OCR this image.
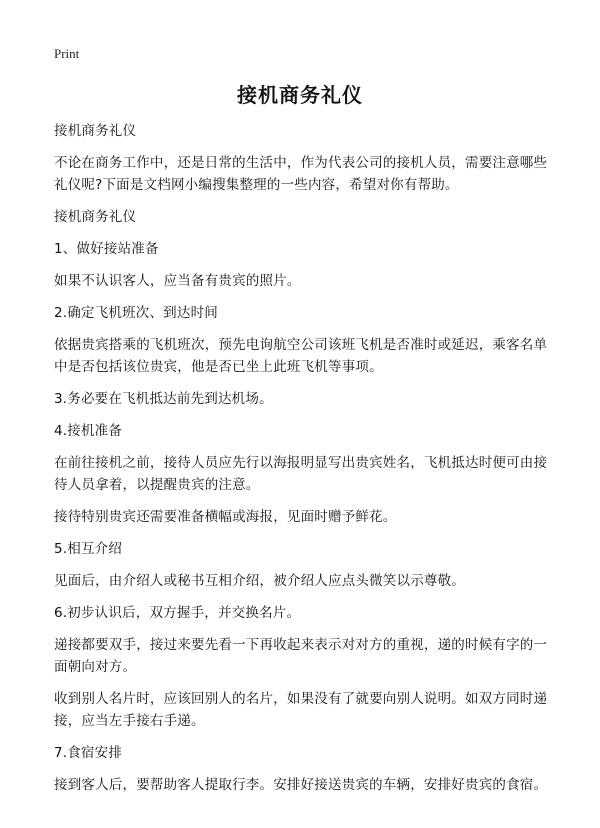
Print
接机商务礼仪

接机商务礼仪

不论在商务工作中，还是日常的生活中，作为代表公司的接机人员，需要注意哪些礼仪呢?下面是文档网小编搜集整理的一些内容，希望对你有帮助。

接机商务礼仪

1、做好接站准备

如果不认识客人，应当备有贵宾的照片。

2.确定飞机班次、到达时间

依据贵宾搭乘的飞机班次，预先电询航空公司该班飞机是否准时或延迟，乘客名单中是否包括该位贵宾，他是否已坐上此班飞机等事项。

3.务必要在飞机抵达前先到达机场。

4.接机准备

在前往接机之前，接待人员应先行以海报明显写出贵宾姓名，飞机抵达时便可由接待人员拿着，以提醒贵宾的注意。

接待特别贵宾还需要准备横幅或海报，见面时赠予鲜花。

5.相互介绍

见面后，由介绍人或秘书互相介绍，被介绍人应点头微笑以示尊敬。

6.初步认识后，双方握手，并交换名片。

递接都要双手，接过来要先看一下再收起来表示对对方的重视，递的时候有字的一面朝向对方。

收到别人名片时，应该回别人的名片，如果没有了就要向别人说明。如双方同时递接，应当左手接右手递。

7.食宿安排

接到客人后，要帮助客人提取行李。安排好接送贵宾的车辆，安排好贵宾的食宿。
